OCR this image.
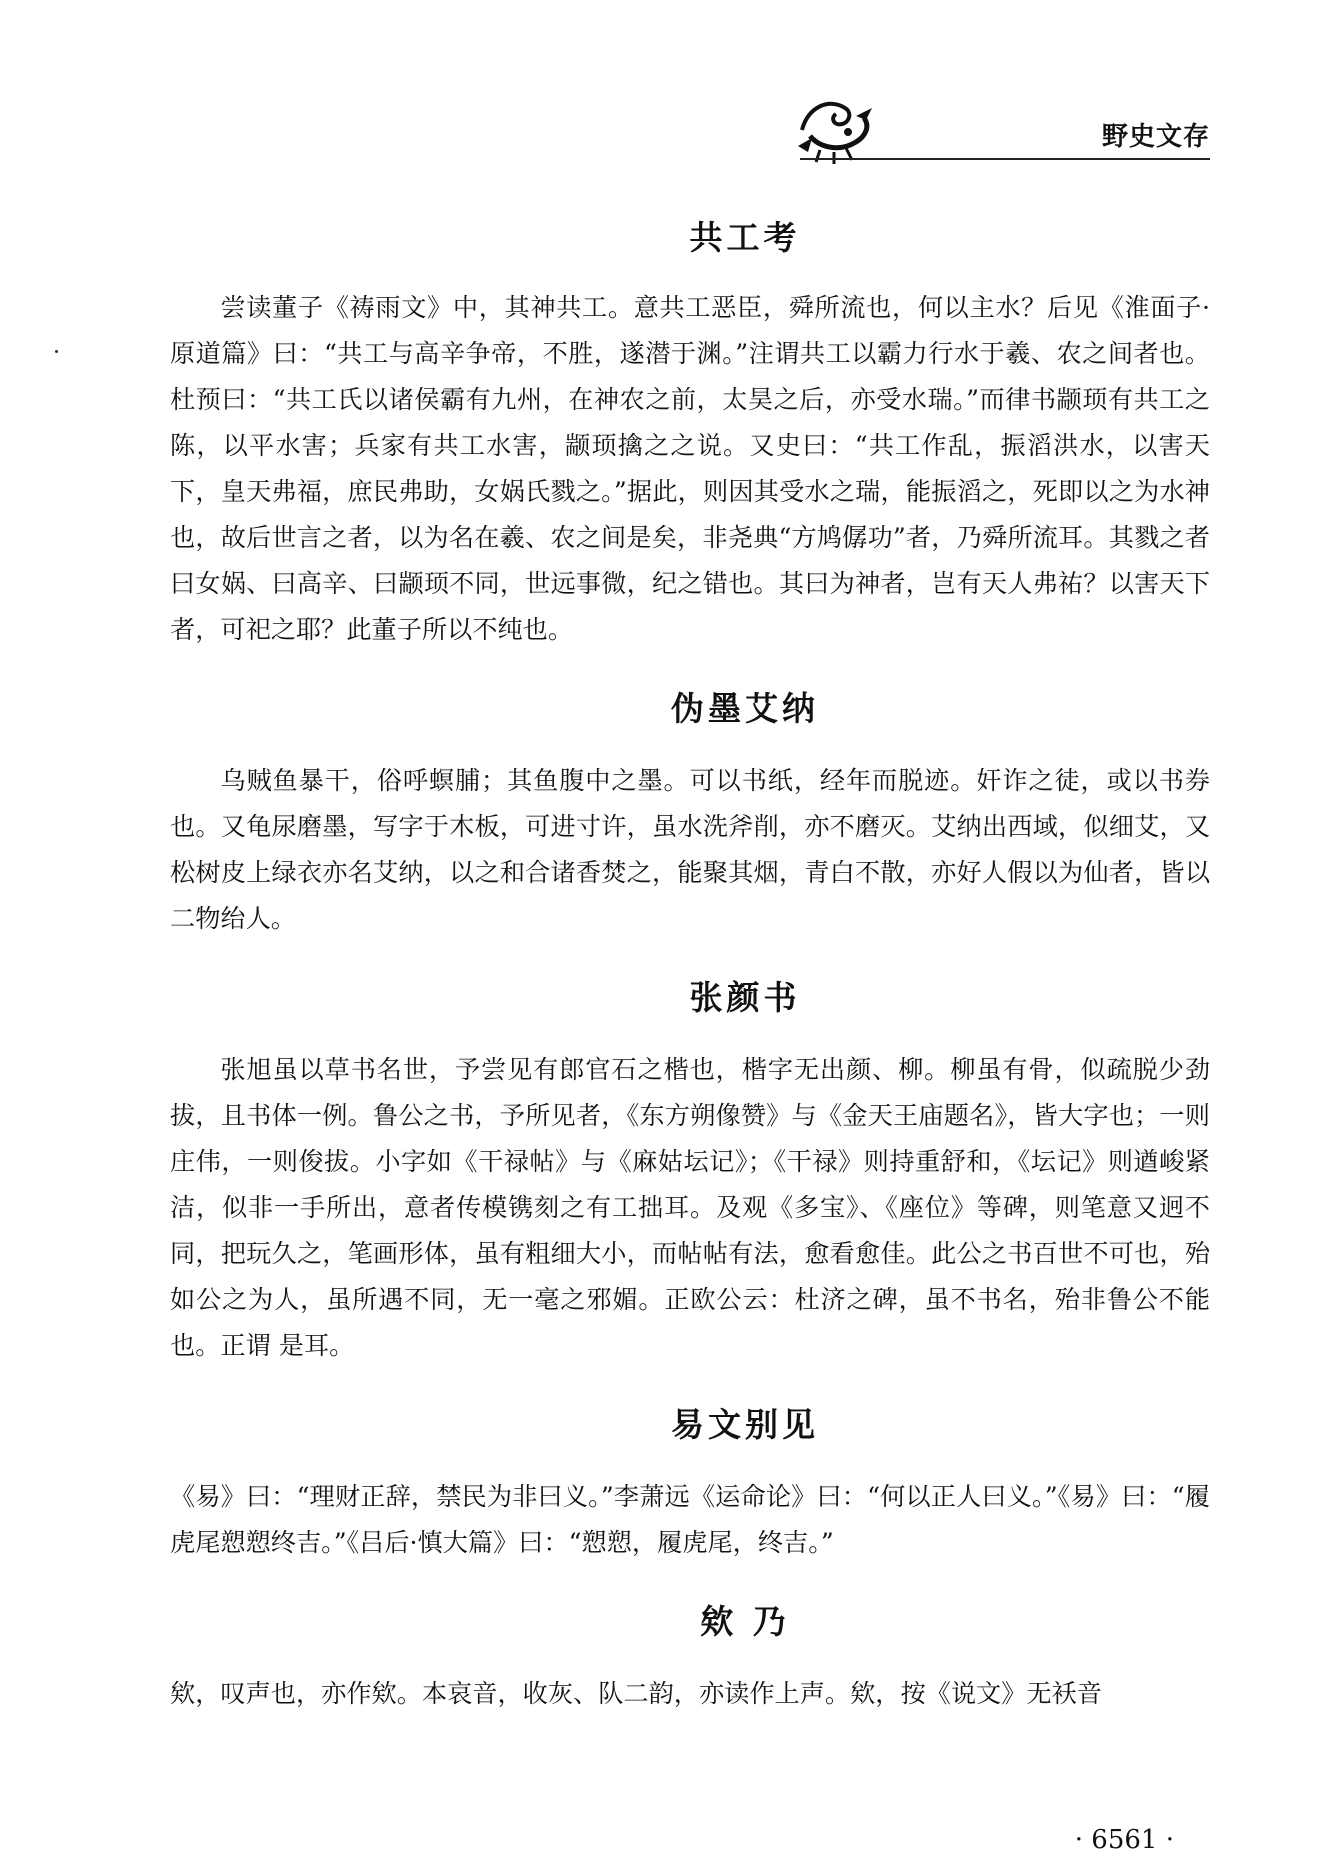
野史文存
共工考

尝读董子《祷雨文》中，其神共工。意共工恶臣，舜所流也，何以主水？后见《淮面子·原道篇》曰：“共工与高辛争帝，不胜，遂潜于渊。”注谓共工以霸力行水于羲、农之间者也。杜预曰：“共工氏以诸侯霸有九州，在神农之前，太昊之后，亦受水瑞。”而律书颛顼有共工之陈，以平水害；兵家有共工水害，颛顼擒之之说。又史曰：“共工作乱，振滔洪水，以害天下，皇天弗福，庶民弗助，女娲氏戮之。”据此，则因其受水之瑞，能振滔之，死即以之为水神也，故后世言之者，以为名在羲、农之间是矣，非尧典“方鸠僝功”者，乃舜所流耳。其戮之者曰女娲、曰高辛、曰颛顼不同，世远事微，纪之错也。其曰为神者，岂有天人弗祐？以害天下者，可祀之耶？此董子所以不纯也。

伪墨艾纳

乌贼鱼暴干，俗呼螟脯；其鱼腹中之墨。可以书纸，经年而脱迹。奸诈之徒，或以书券也。又龟尿磨墨，写字于木板，可进寸许，虽水洗斧削，亦不磨灭。艾纳出西域，似细艾，又松树皮上绿衣亦名艾纳，以之和合诸香焚之，能聚其烟，青白不散，亦好人假以为仙者，皆以二物绐人。

张颜书

张旭虽以草书名世，予尝见有郎官石之楷也，楷字无出颜、柳。柳虽有骨，似疏脱少劲拔，且书体一例。鲁公之书，予所见者，《东方朔像赞》与《金天王庙题名》，皆大字也；一则庄伟，一则俊拔。小字如《干禄帖》与《麻姑坛记》；《干禄》则持重舒和，《坛记》则遒峻紧洁，似非一手所出，意者传模镌刻之有工拙耳。及观《多宝》、《座位》等碑，则笔意又迥不同，把玩久之，笔画形体，虽有粗细大小，而帖帖有法，愈看愈佳。此公之书百世不可也，殆如公之为人，虽所遇不同，无一毫之邪媚。正欧公云：杜济之碑，虽不书名，殆非鲁公不能也。正谓 是耳。

易文别见

《易》曰：“理财正辞，禁民为非曰义。”李萧远《运命论》曰：“何以正人曰义。”《易》曰：“履虎尾愬愬终吉。”《吕后·慎大篇》曰：“愬愬，履虎尾，终吉。”

欸 乃

欸，叹声也，亦作欸。本哀音，收灰、队二韵，亦读作上声。欸，按《说文》无袄音

· 6561 ·
